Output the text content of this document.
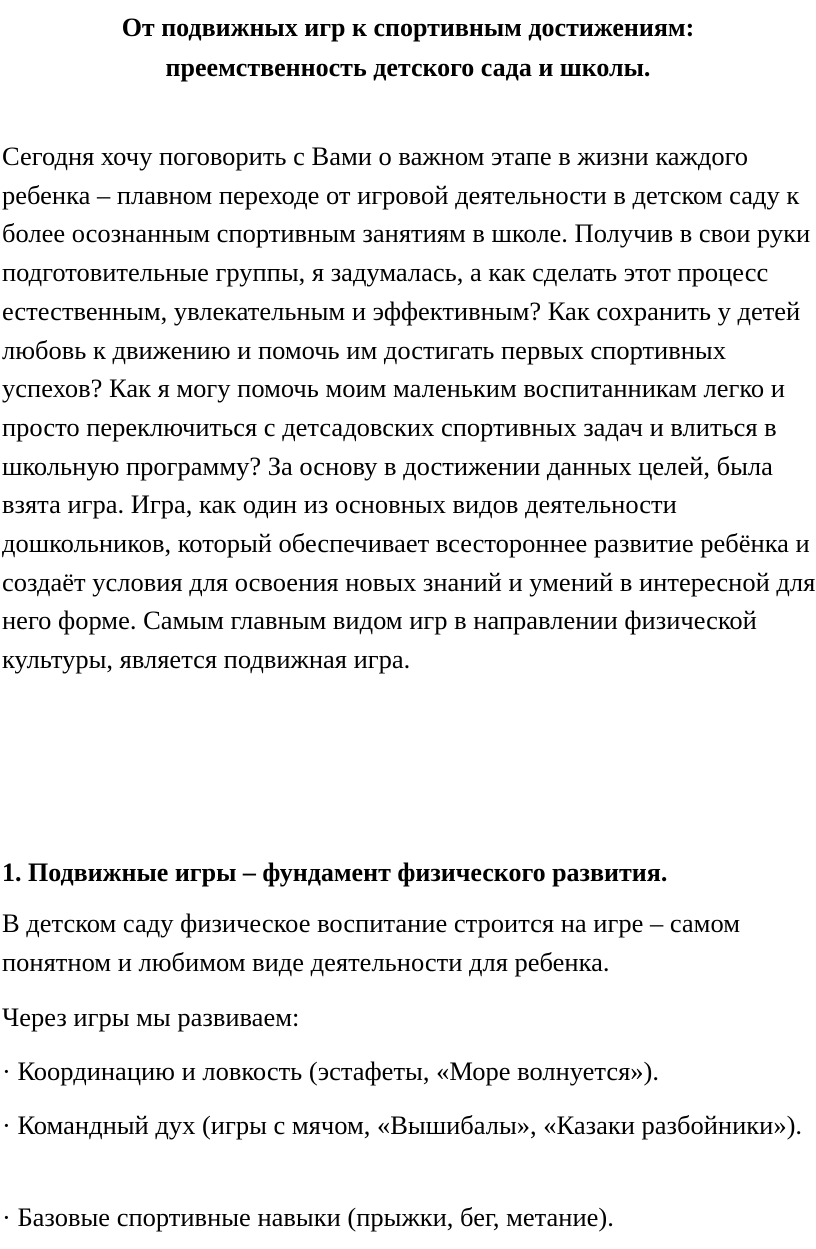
От подвижных игр к спортивным достижениям:
преемственность детского сада и школы.

Сегодня хочу поговорить с Вами о важном этапе в жизни каждого ребенка – плавном переходе от игровой деятельности в детском саду к более осознанным спортивным занятиям в школе. Получив в свои руки подготовительные группы, я задумалась, а как сделать этот процесс естественным, увлекательным и эффективным? Как сохранить у детей любовь к движению и помочь им достигать первых спортивных успехов? Как я могу помочь моим маленьким воспитанникам легко и просто переключиться с детсадовских спортивных задач и влиться в школьную программу? За основу в достижении данных целей, была взята игра. Игра, как один из основных видов деятельности дошкольников, который обеспечивает всестороннее развитие ребёнка и создаёт условия для освоения новых знаний и умений в интересной для него форме. Самым главным видом игр в направлении физической культуры, является подвижная игра.

1. Подвижные игры – фундамент физического развития.

В детском саду физическое воспитание строится на игре – самом понятном и любимом виде деятельности для ребенка.

Через игры мы развиваем:

· Координацию и ловкость (эстафеты, «Море волнуется»).

· Командный дух (игры с мячом, «Вышибалы», «Казаки разбойники»).

· Базовые спортивные навыки (прыжки, бег, метание).
